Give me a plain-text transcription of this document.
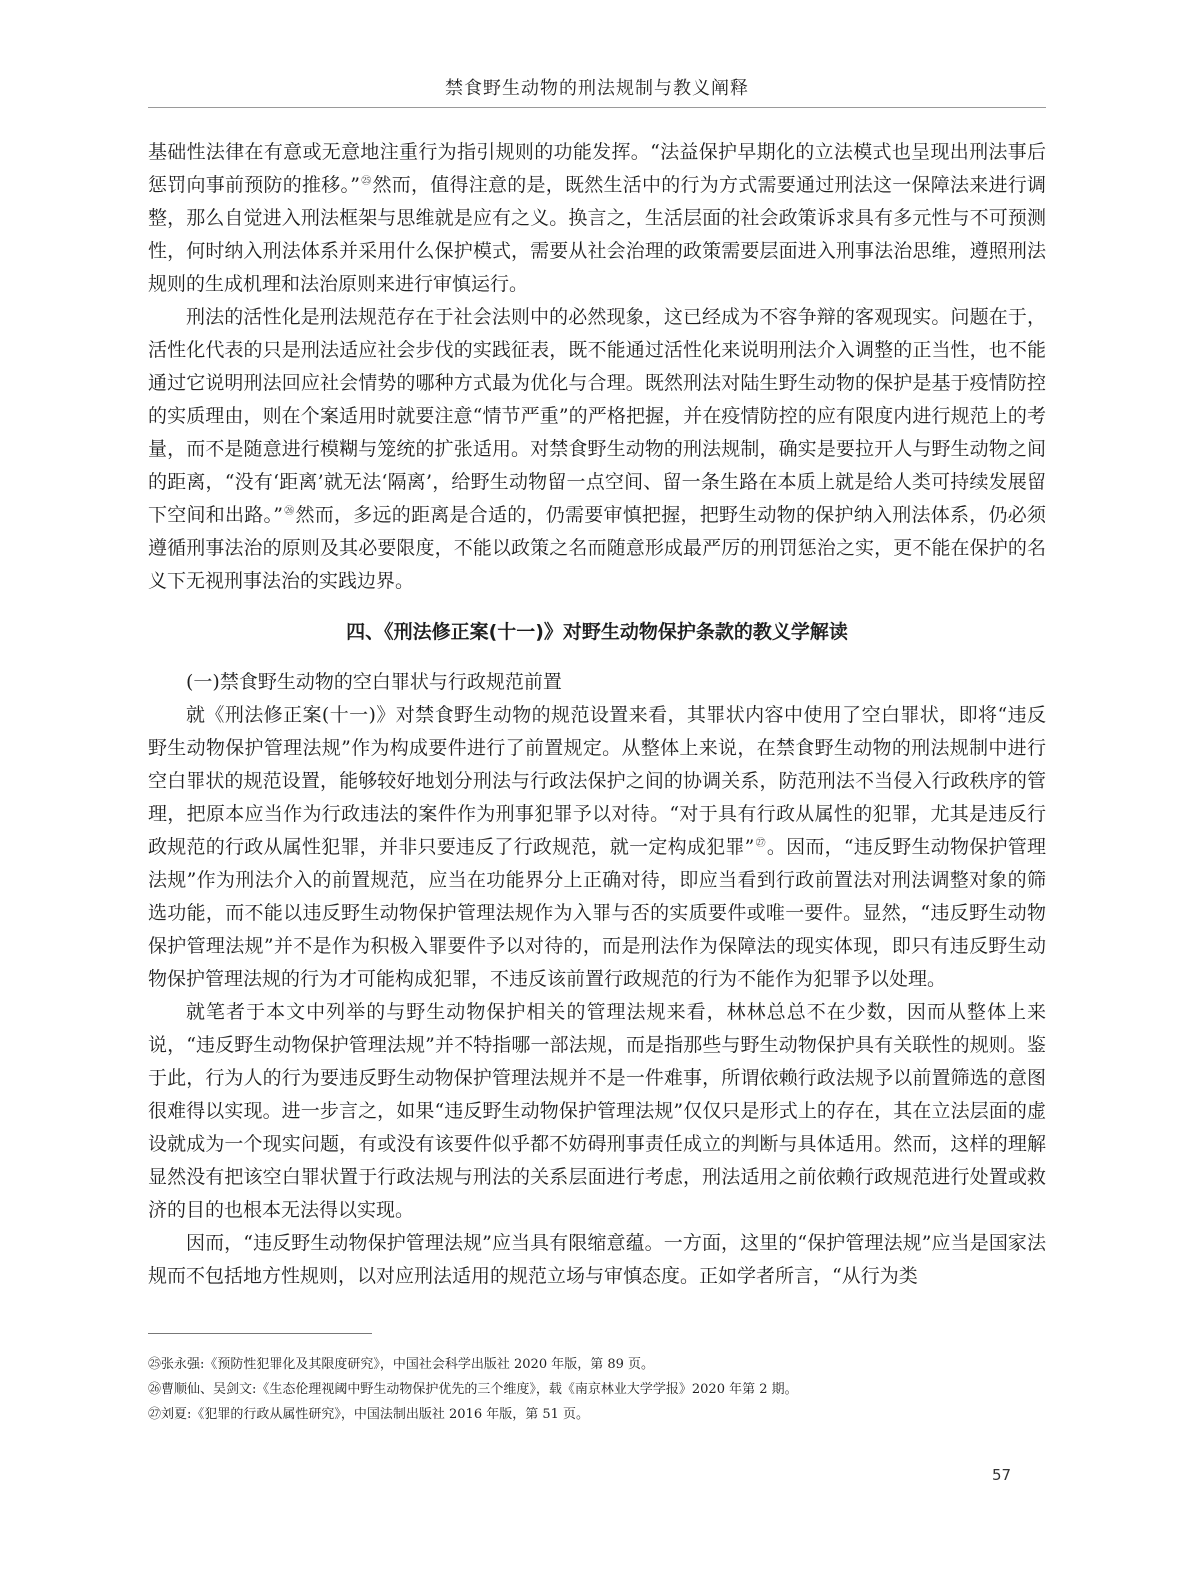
禁食野生动物的刑法规制与教义阐释

基础性法律在有意或无意地注重行为指引规则的功能发挥。“法益保护早期化的立法模式也呈现出刑法事后惩罚向事前预防的推移。”$^㉕$然而，值得注意的是，既然生活中的行为方式需要通过刑法这一保障法来进行调整，那么自觉进入刑法框架与思维就是应有之义。换言之，生活层面的社会政策诉求具有多元性与不可预测性，何时纳入刑法体系并采用什么保护模式，需要从社会治理的政策需要层面进入刑事法治思维，遵照刑法规则的生成机理和法治原则来进行审慎运行。

刑法的活性化是刑法规范存在于社会法则中的必然现象，这已经成为不容争辩的客观现实。问题在于，活性化代表的只是刑法适应社会步伐的实践征表，既不能通过活性化来说明刑法介入调整的正当性，也不能通过它说明刑法回应社会情势的哪种方式最为优化与合理。既然刑法对陆生野生动物的保护是基于疫情防控的实质理由，则在个案适用时就要注意“情节严重”的严格把握，并在疫情防控的应有限度内进行规范上的考量，而不是随意进行模糊与笼统的扩张适用。对禁食野生动物的刑法规制，确实是要拉开人与野生动物之间的距离，“没有‘距离’就无法‘隔离’，给野生动物留一点空间、留一条生路在本质上就是给人类可持续发展留下空间和出路。”$^㉖$然而，多远的距离是合适的，仍需要审慎把握，把野生动物的保护纳入刑法体系，仍必须遵循刑事法治的原则及其必要限度，不能以政策之名而随意形成最严厉的刑罚惩治之实，更不能在保护的名义下无视刑事法治的实践边界。

四、《刑法修正案(十一)》对野生动物保护条款的教义学解读

(一)禁食野生动物的空白罪状与行政规范前置

就《刑法修正案(十一)》对禁食野生动物的规范设置来看，其罪状内容中使用了空白罪状，即将“违反野生动物保护管理法规”作为构成要件进行了前置规定。从整体上来说，在禁食野生动物的刑法规制中进行空白罪状的规范设置，能够较好地划分刑法与行政法保护之间的协调关系，防范刑法不当侵入行政秩序的管理，把原本应当作为行政违法的案件作为刑事犯罪予以对待。“对于具有行政从属性的犯罪，尤其是违反行政规范的行政从属性犯罪，并非只要违反了行政规范，就一定构成犯罪”$^㉗$。因而，“违反野生动物保护管理法规”作为刑法介入的前置规范，应当在功能界分上正确对待，即应当看到行政前置法对刑法调整对象的筛选功能，而不能以违反野生动物保护管理法规作为入罪与否的实质要件或唯一要件。显然，“违反野生动物保护管理法规”并不是作为积极入罪要件予以对待的，而是刑法作为保障法的现实体现，即只有违反野生动物保护管理法规的行为才可能构成犯罪，不违反该前置行政规范的行为不能作为犯罪予以处理。

就笔者于本文中列举的与野生动物保护相关的管理法规来看，林林总总不在少数，因而从整体上来说，“违反野生动物保护管理法规”并不特指哪一部法规，而是指那些与野生动物保护具有关联性的规则。鉴于此，行为人的行为要违反野生动物保护管理法规并不是一件难事，所谓依赖行政法规予以前置筛选的意图很难得以实现。进一步言之，如果“违反野生动物保护管理法规”仅仅只是形式上的存在，其在立法层面的虚设就成为一个现实问题，有或没有该要件似乎都不妨碍刑事责任成立的判断与具体适用。然而，这样的理解显然没有把该空白罪状置于行政法规与刑法的关系层面进行考虑，刑法适用之前依赖行政规范进行处置或救济的目的也根本无法得以实现。

因而，“违反野生动物保护管理法规”应当具有限缩意蕴。一方面，这里的“保护管理法规”应当是国家法规而不包括地方性规则，以对应刑法适用的规范立场与审慎态度。正如学者所言，“从行为类

㉕张永强:《预防性犯罪化及其限度研究》，中国社会科学出版社 2020 年版，第 89 页。
㉖曹顺仙、吴剑文:《生态伦理视阈中野生动物保护优先的三个维度》，载《南京林业大学学报》2020 年第 2 期。
㉗刘夏:《犯罪的行政从属性研究》，中国法制出版社 2016 年版，第 51 页。
57
